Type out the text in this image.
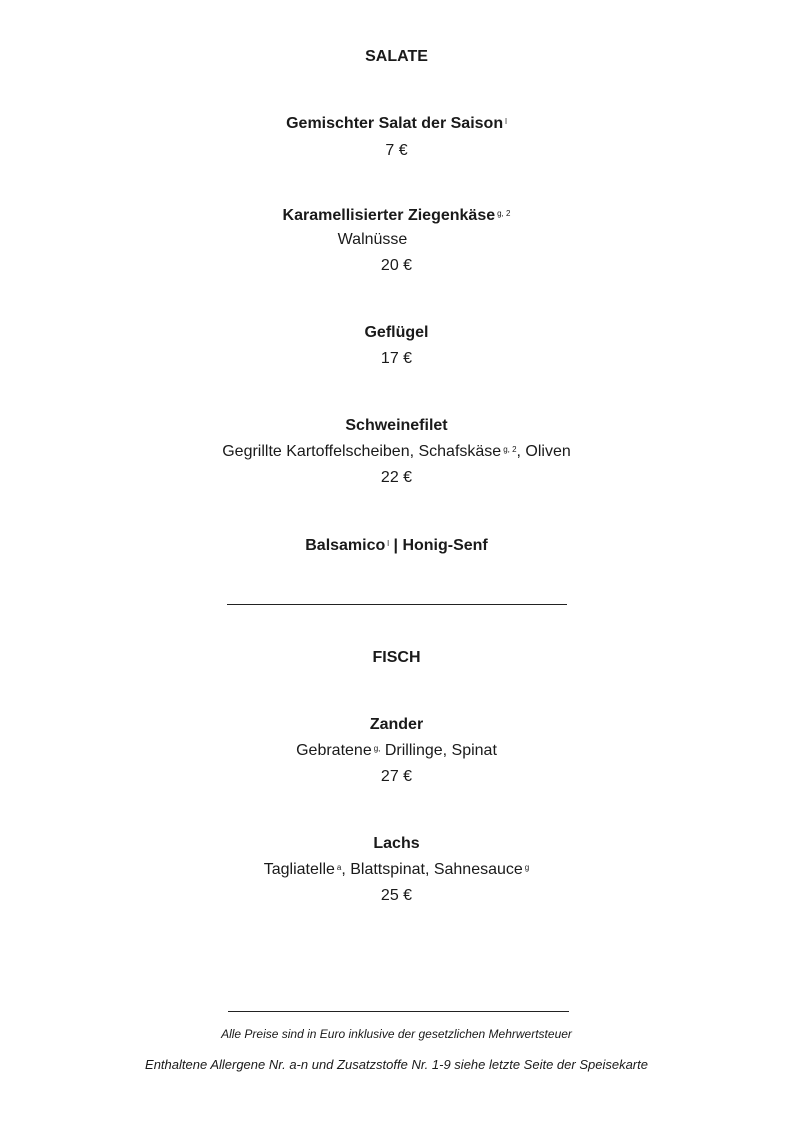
SALATE
Gemischter Salat der Saison $^l$
7 €
Karamellisierter Ziegenkäse $^{g, 2}$
Walnüsse
20 €
Geflügel
17 €
Schweinefilet
Gegrillte Kartoffelscheiben, Schafskäse $^{g, 2}$, Oliven
22 €
Balsamico $^l$ | Honig-Senf
FISCH
Zander
Gebratene $^{g,}$ Drillinge, Spinat
27 €
Lachs
Tagliatelle $^a$, Blattspinat, Sahnesauce $^g$
25 €
Alle Preise sind in Euro inklusive der gesetzlichen Mehrwertsteuer
Enthaltene Allergene Nr. a-n und Zusatzstoffe Nr. 1-9 siehe letzte Seite der Speisekarte
